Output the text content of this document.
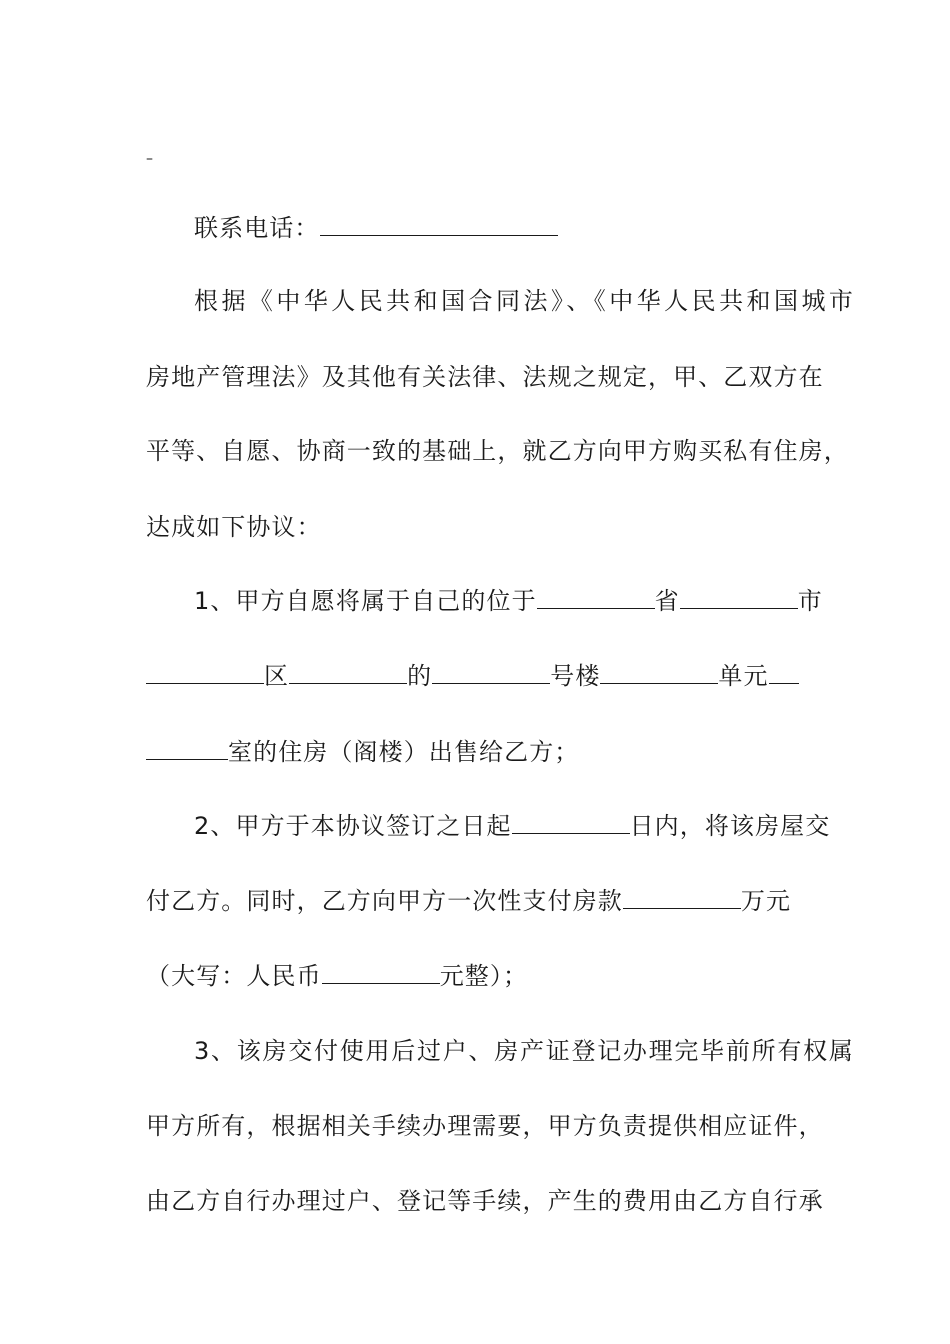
–
联系电话：
根据《中华人民共和国合同法》、《中华人民共和国城市
房地产管理法》及其他有关法律、法规之规定，甲、乙双方在
平等、自愿、协商一致的基础上，就乙方向甲方购买私有住房，
达成如下协议：
1、甲方自愿将属于自己的位于	省	市
区	的	号楼	单元
室的住房（阁楼）出售给乙方；
2、甲方于本协议签订之日起	日内，将该房屋交
付乙方。同时，乙方向甲方一次性支付房款	万元
（大写：人民币	元整）；
3、该房交付使用后过户、房产证登记办理完毕前所有权属
甲方所有，根据相关手续办理需要，甲方负责提供相应证件，
由乙方自行办理过户、登记等手续，产生的费用由乙方自行承
